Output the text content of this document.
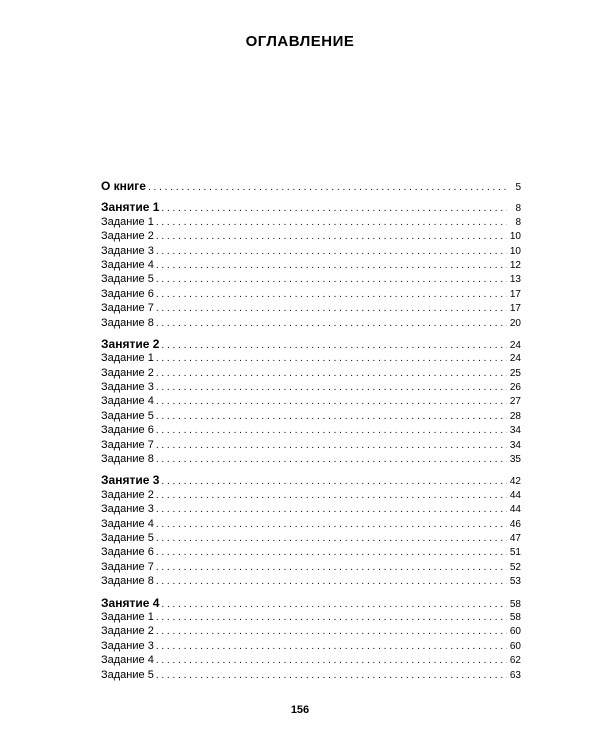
ОГЛАВЛЕНИЕ
О книге . . .	5
Занятие 1 . . .	8
Задание 1 . . .	8
Задание 2 . . .	10
Задание 3 . . .	10
Задание 4 . . .	12
Задание 5 . . .	13
Задание 6 . . .	17
Задание 7 . . .	17
Задание 8 . . .	20
Занятие 2 . . .	24
Задание 1 . . .	24
Задание 2 . . .	25
Задание 3 . . .	26
Задание 4 . . .	27
Задание 5 . . .	28
Задание 6 . . .	34
Задание 7 . . .	34
Задание 8 . . .	35
Занятие 3 . . .	42
Задание 2 . . .	44
Задание 3 . . .	44
Задание 4 . . .	46
Задание 5 . . .	47
Задание 6 . . .	51
Задание 7 . . .	52
Задание 8 . . .	53
Занятие 4 . . .	58
Задание 1 . . .	58
Задание 2 . . .	60
Задание 3 . . .	60
Задание 4 . . .	62
Задание 5 . . .	63
156
